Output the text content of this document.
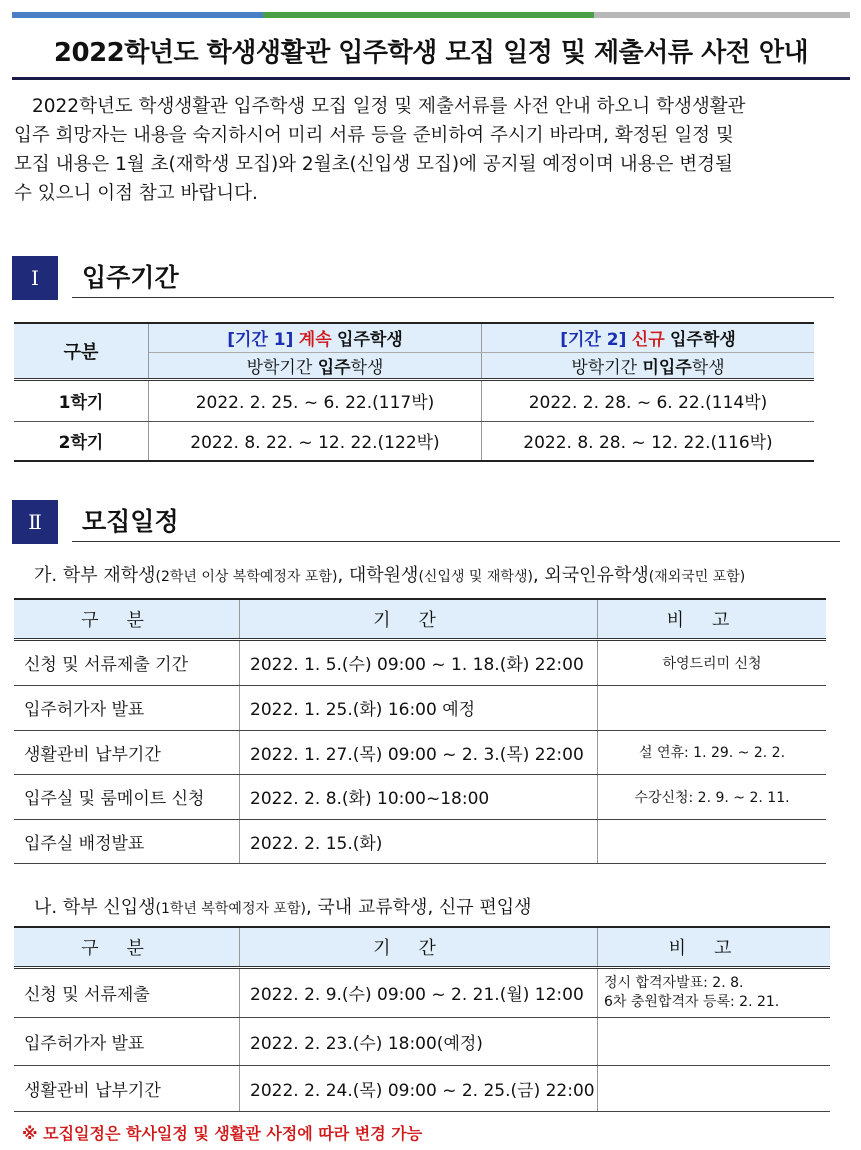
2022학년도 학생생활관 입주학생 모집 일정 및 제출서류 사전 안내
2022학년도 학생생활관 입주학생 모집 일정 및 제출서류를 사전 안내 하오니 학생생활관
입주 희망자는 내용을 숙지하시어 미리 서류 등을 준비하여 주시기 바라며, 확정된 일정 및
모집 내용은 1월 초(재학생 모집)와 2월초(신입생 모집)에 공지될 예정이며 내용은 변경될
수 있으니 이점 참고 바랍니다.
Ⅰ	입주기간
구분	[기간 1] 계속 입주학생	[기간 2] 신규 입주학생
	방학기간 입주학생	방학기간 미입주학생
1학기	2022. 2. 25. ~ 6. 22.(117박)	2022. 2. 28. ~ 6. 22.(114박)
2학기	2022. 8. 22. ~ 12. 22.(122박)	2022. 8. 28. ~ 12. 22.(116박)
Ⅱ	모집일정
가. 학부 재학생(2학년 이상 복학예정자 포함), 대학원생(신입생 및 재학생), 외국인유학생(재외국민 포함)
구분	기간	비고
신청 및 서류제출 기간	2022. 1. 5.(수) 09:00 ~ 1. 18.(화) 22:00	하영드리미 신청
입주허가자 발표	2022. 1. 25.(화) 16:00 예정	
생활관비 납부기간	2022. 1. 27.(목) 09:00 ~ 2. 3.(목) 22:00	설 연휴: 1. 29. ~ 2. 2.
입주실 및 룸메이트 신청	2022. 2. 8.(화) 10:00~18:00	수강신청: 2. 9. ~ 2. 11.
입주실 배정발표	2022. 2. 15.(화)	
나. 학부 신입생(1학년 복학예정자 포함), 국내 교류학생, 신규 편입생
구분	기간	비고
신청 및 서류제출	2022. 2. 9.(수) 09:00 ~ 2. 21.(월) 12:00	정시 합격자발표: 2. 8.
6차 충원합격자 등록: 2. 21.

입주허가자 발표	2022. 2. 23.(수) 18:00(예정)	
생활관비 납부기간	2022. 2. 24.(목) 09:00 ~ 2. 25.(금) 22:00	
※ 모집일정은 학사일정 및 생활관 사정에 따라 변경 가능
